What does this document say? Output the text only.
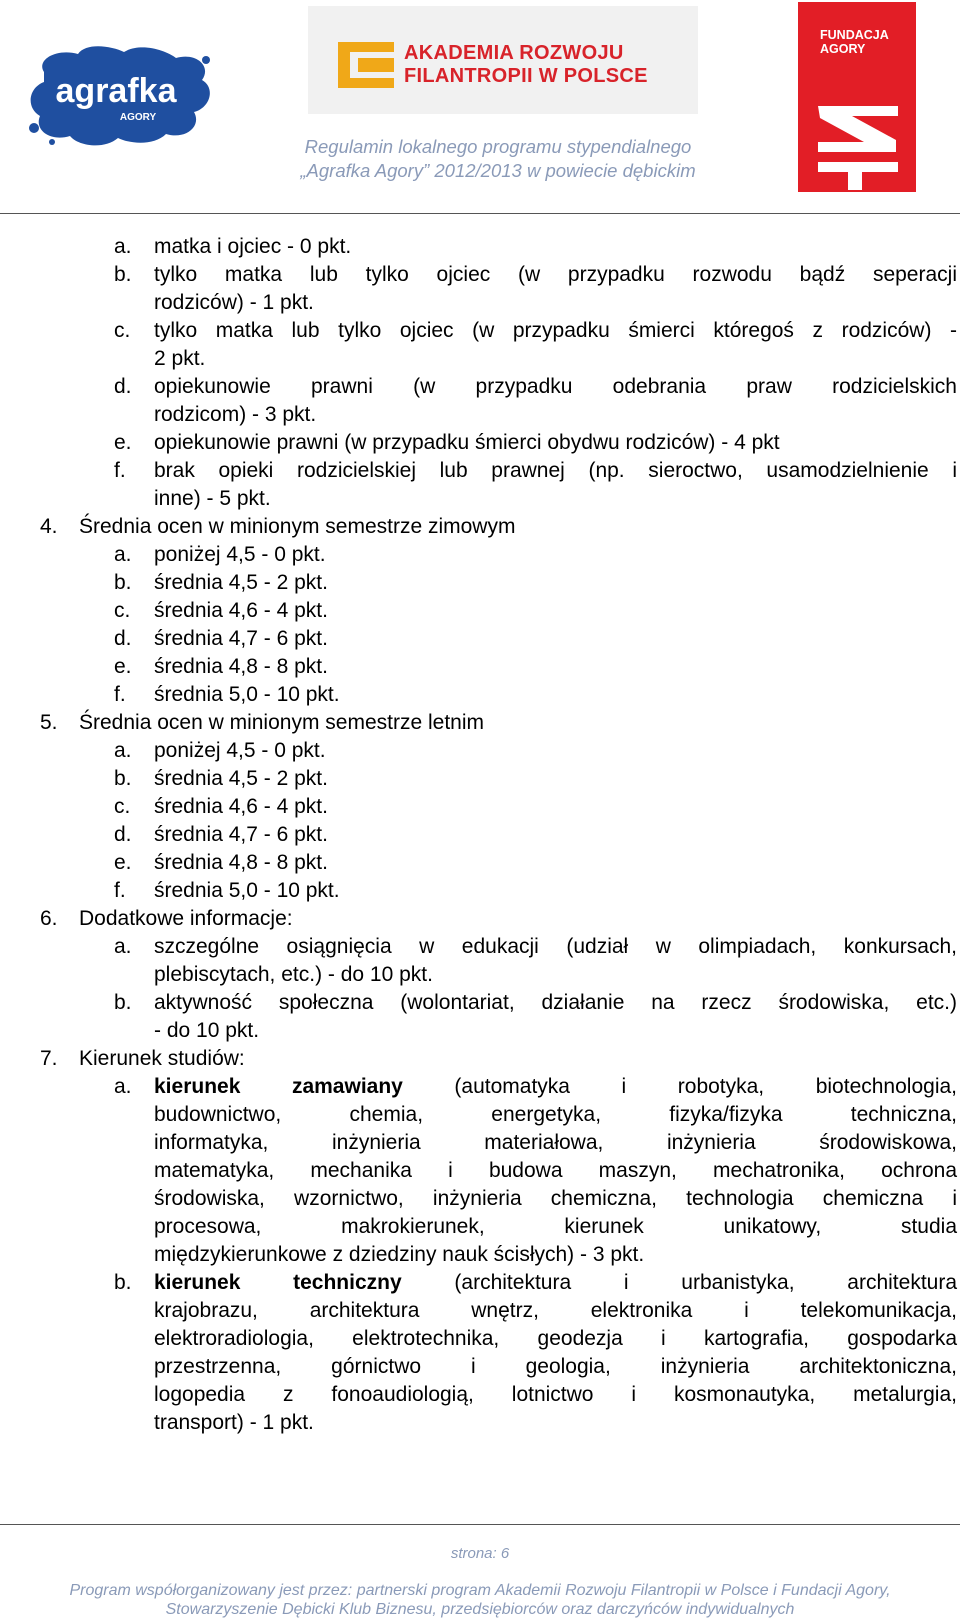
agrafka
AGORY
AKADEMIA ROZWOJU
FILANTROPII W POLSCE
FUNDACJA
AGORY
Regulamin lokalnego programu stypendialnego
„Agrafka Agory” 2012/2013 w powiecie dębickim
a. matka i ojciec - 0 pkt.
b. tylko matka lub tylko ojciec (w przypadku rozwodu bądź seperacji
rodziców) - 1 pkt.
c. tylko matka lub tylko ojciec (w przypadku śmierci któregoś z rodziców) -
2 pkt.
d. opiekunowie prawni (w przypadku odebrania praw rodzicielskich
rodzicom) - 3 pkt.
e. opiekunowie prawni (w przypadku śmierci obydwu rodziców) - 4 pkt
f. brak opieki rodzicielskiej lub prawnej (np. sieroctwo, usamodzielnienie i
inne) - 5 pkt.
4. Średnia ocen w minionym semestrze zimowym
a. poniżej 4,5 - 0 pkt.
b. średnia 4,5 - 2 pkt.
c. średnia 4,6 - 4 pkt.
d. średnia 4,7 - 6 pkt.
e. średnia 4,8 - 8 pkt.
f. średnia 5,0 - 10 pkt.
5. Średnia ocen w minionym semestrze letnim
a. poniżej 4,5 - 0 pkt.
b. średnia 4,5 - 2 pkt.
c. średnia 4,6 - 4 pkt.
d. średnia 4,7 - 6 pkt.
e. średnia 4,8 - 8 pkt.
f. średnia 5,0 - 10 pkt.
6. Dodatkowe informacje:
a. szczególne osiągnięcia w edukacji (udział w olimpiadach, konkursach,
plebiscytach, etc.) - do 10 pkt.
b. aktywność społeczna (wolontariat, działanie na rzecz środowiska, etc.)
- do 10 pkt.
7. Kierunek studiów:
a. kierunek zamawiany (automatyka i robotyka, biotechnologia,
budownictwo, chemia, energetyka, fizyka/fizyka techniczna,
informatyka, inżynieria materiałowa, inżynieria środowiskowa,
matematyka, mechanika i budowa maszyn, mechatronika, ochrona
środowiska, wzornictwo, inżynieria chemiczna, technologia chemiczna i
procesowa, makrokierunek, kierunek unikatowy, studia
międzykierunkowe z dziedziny nauk ścisłych) - 3 pkt.
b. kierunek techniczny (architektura i urbanistyka, architektura
krajobrazu, architektura wnętrz, elektronika i telekomunikacja,
elektroradiologia, elektrotechnika, geodezja i kartografia, gospodarka
przestrzenna, górnictwo i geologia, inżynieria architektoniczna,
logopedia z fonoaudiologią, lotnictwo i kosmonautyka, metalurgia,
transport) - 1 pkt.
strona: 6
Program współorganizowany jest przez: partnerski program Akademii Rozwoju Filantropii w Polsce i Fundacji Agory,
Stowarzyszenie Dębicki Klub Biznesu, przedsiębiorców oraz darczyńców indywidualnych
